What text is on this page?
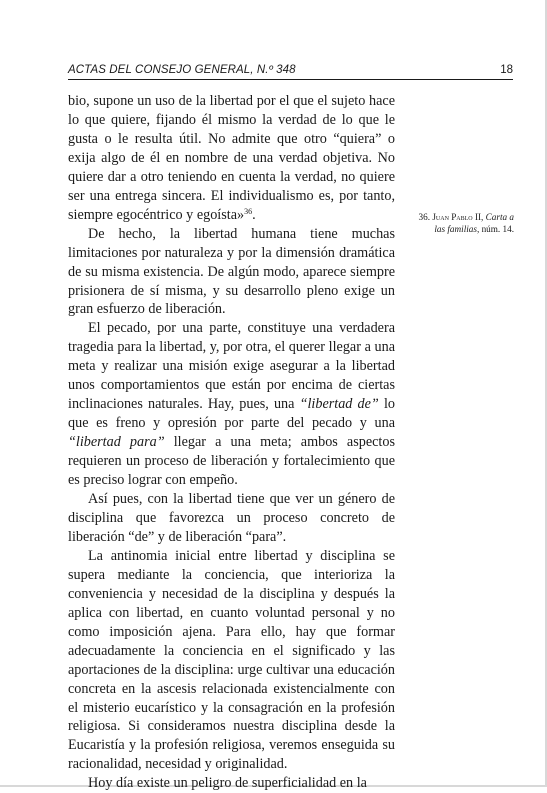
ACTAS DEL CONSEJO GENERAL, N.º 348	18

bio, supone un uso de la libertad por el que el sujeto hace lo que quiere, fijando él mismo la verdad de lo que le gusta o le resulta útil. No admite que otro “quiera” o exija algo de él en nombre de una verdad objetiva. No quiere dar a otro teniendo en cuenta la verdad, no quiere ser una entrega sincera. El individualismo es, por tanto, siempre egocéntrico y egoísta»$^{36}$.

De hecho, la libertad humana tiene muchas limitaciones por naturaleza y por la dimensión dramática de su misma existencia. De algún modo, aparece siempre prisionera de sí misma, y su desarrollo pleno exige un gran esfuerzo de liberación.

El pecado, por una parte, constituye una verdadera tragedia para la libertad, y, por otra, el querer llegar a una meta y realizar una misión exige asegurar a la libertad unos comportamientos que están por encima de ciertas inclinaciones naturales. Hay, pues, una “libertad de” lo que es freno y opresión por parte del pecado y una “libertad para” llegar a una meta; ambos aspectos requieren un proceso de liberación y fortalecimiento que es preciso lograr con empeño.

Así pues, con la libertad tiene que ver un género de disciplina que favorezca un proceso concreto de liberación “de” y de liberación “para”.

La antinomia inicial entre libertad y disciplina se supera mediante la conciencia, que interioriza la conveniencia y necesidad de la disciplina y después la aplica con libertad, en cuanto voluntad personal y no como imposición ajena. Para ello, hay que formar adecuadamente la conciencia en el significado y las aportaciones de la disciplina: urge cultivar una educación concreta en la ascesis relacionada existencialmente con el misterio eucarístico y la consagración en la profesión religiosa. Si consideramos nuestra disciplina desde la Eucaristía y la profesión religiosa, veremos enseguida su racionalidad, necesidad y originalidad.

Hoy día existe un peligro de superficialidad en la

36. Juan Pablo II, Carta a las familias, núm. 14.
